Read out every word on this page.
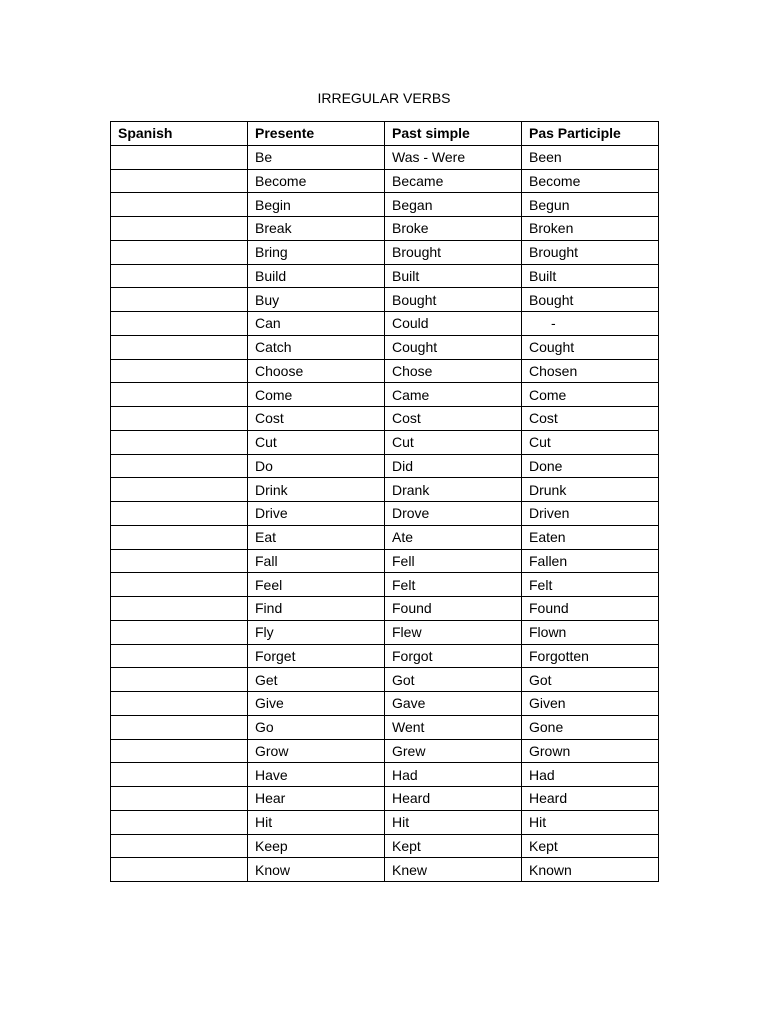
IRREGULAR VERBS
Spanish	Presente	Past simple	Pas Participle
	Be	Was - Were	Been
	Become	Became	Become
	Begin	Began	Begun
	Break	Broke	Broken
	Bring	Brought	Brought
	Build	Built	Built
	Buy	Bought	Bought
	Can	Could	-
	Catch	Cought	Cought
	Choose	Chose	Chosen
	Come	Came	Come
	Cost	Cost	Cost
	Cut	Cut	Cut
	Do	Did	Done
	Drink	Drank	Drunk
	Drive	Drove	Driven
	Eat	Ate	Eaten
	Fall	Fell	Fallen
	Feel	Felt	Felt
	Find	Found	Found
	Fly	Flew	Flown
	Forget	Forgot	Forgotten
	Get	Got	Got
	Give	Gave	Given
	Go	Went	Gone
	Grow	Grew	Grown
	Have	Had	Had
	Hear	Heard	Heard
	Hit	Hit	Hit
	Keep	Kept	Kept
	Know	Knew	Known
